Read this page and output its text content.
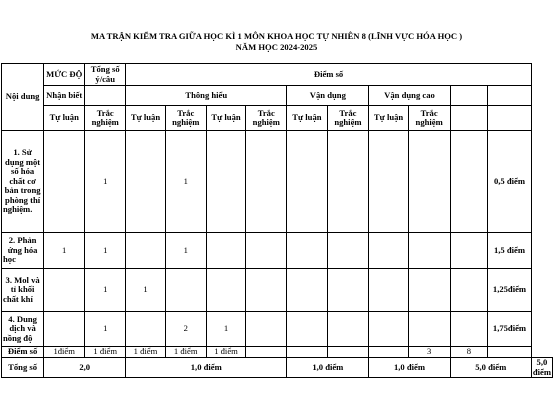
MA TRẬN KIỂM TRA GIỮA HỌC KÌ 1 MÔN KHOA HỌC TỰ NHIÊN 8 (LĨNH VỰC HÓA HỌC )
NĂM HỌC 2024-2025
Nội dung	MỨC ĐỘ	Tổng số ý/câu	Điểm số										
	Nhận biết		Thông hiểu				Vận dụng		Vận dụng cao				
	Tự luận	Trắc nghiệm	Tự luận	Trắc nghiệm	Tự luận	Trắc nghiệm	Tự luận	Trắc nghiệm	Tự luận	Trắc nghiệm			
1. Sử dụng một số hóa chất cơ bản trong phòng thí nghiệm.		1		1								0,5 điểm	
2. Phản ứng hóa học	1	1		1								1,5 điểm	
3. Mol và tỉ khối chất khí		1	1									1,25điểm	
4. Dung dịch và nồng độ		1		2	1							1,75điểm	
Điểm số	1điểm	1 điểm	1 điểm	1 điểm	1 điểm					3	8		
Tổng số	2,0		1,0 điểm				1,0 điểm		1,0 điểm		5,0 điểm		5,0 điểm
